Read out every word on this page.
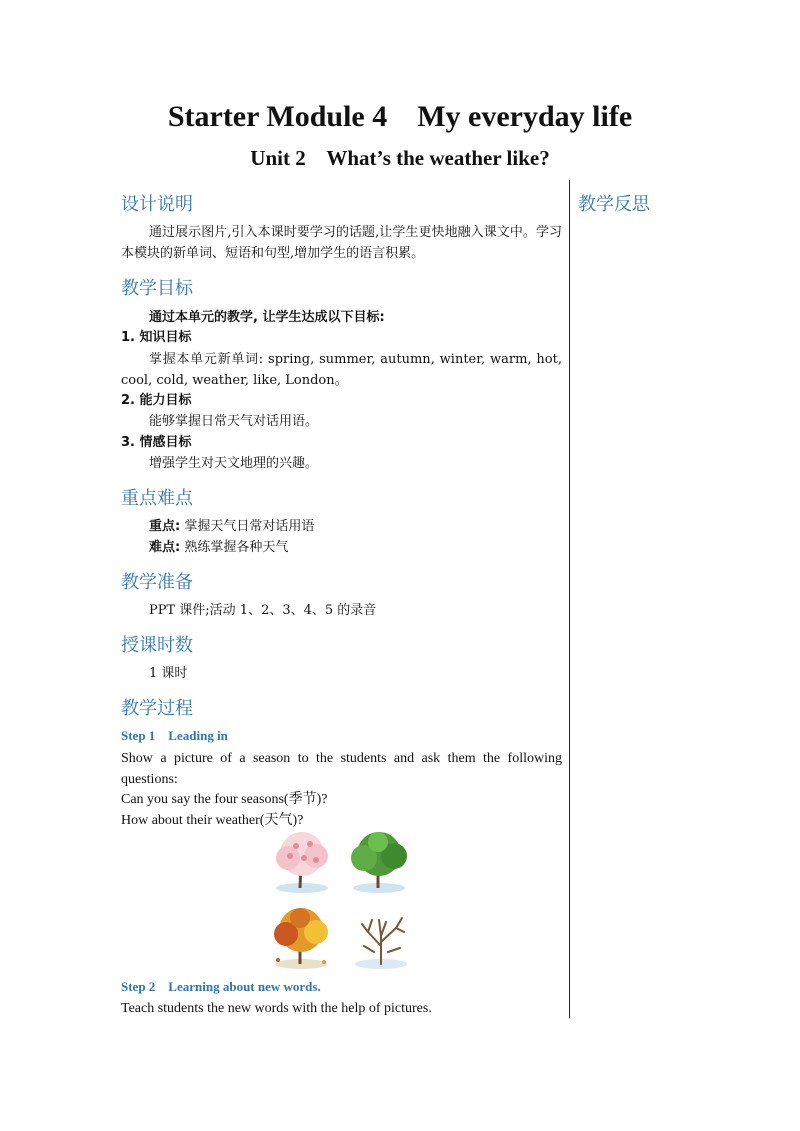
Starter Module 4    My everyday life
Unit 2    What’s the weather like?
教学反思
设计说明
通过展示图片,引入本课时要学习的话题,让学生更快地融入课文中。学习本模块的新单词、短语和句型,增加学生的语言积累。
教学目标
通过本单元的教学, 让学生达成以下目标:
1. 知识目标
掌握本单元新单词: spring, summer, autumn, winter, warm, hot, cool, cold, weather, like, London。
2. 能力目标
能够掌握日常天气对话用语。
3. 情感目标
增强学生对天文地理的兴趣。
重点难点
重点: 掌握天气日常对话用语
难点: 熟练掌握各种天气
教学准备
PPT 课件;活动 1、2、3、4、5 的录音
授课时数
1 课时
教学过程
Step 1    Leading in
Show a picture of a season to the students and ask them the following questions:
Can you say the four seasons(季节)?
How about their weather(天气)?
Step 2    Learning about new words.
Teach students the new words with the help of pictures.
